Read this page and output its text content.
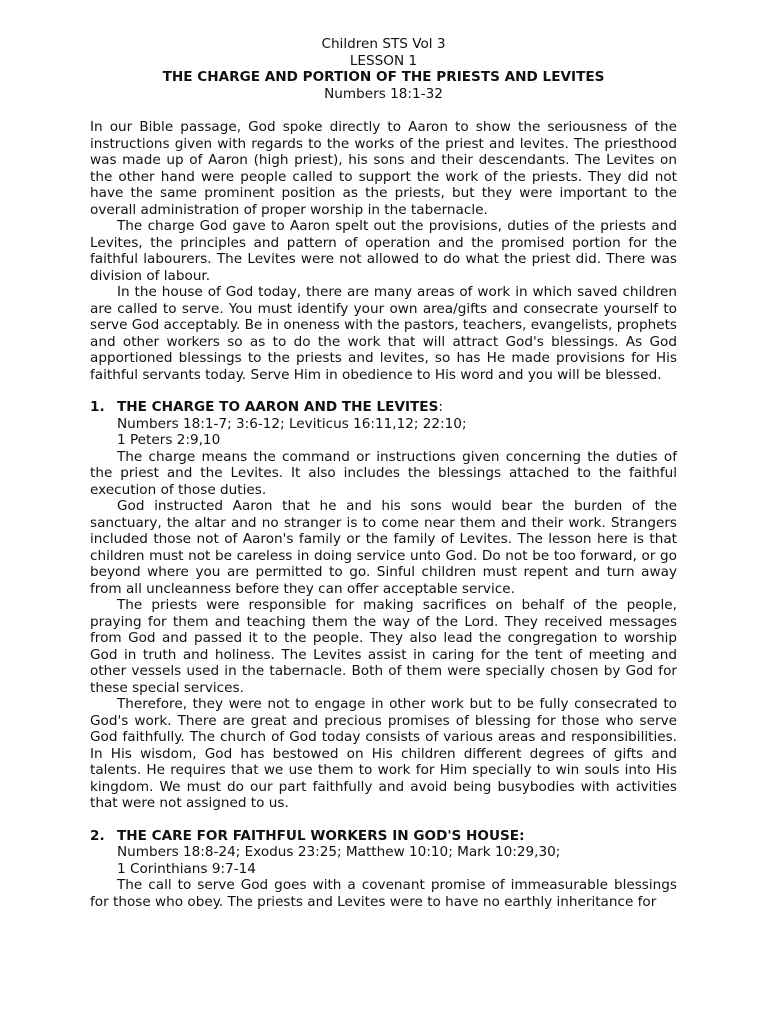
Children STS Vol 3
LESSON 1
THE CHARGE AND PORTION OF THE PRIESTS AND LEVITES
Numbers 18:1-32

In our Bible passage, God spoke directly to Aaron to show the seriousness of the instructions given with regards to the works of the priest and levites. The priesthood was made up of Aaron (high priest), his sons and their descendants. The Levites on the other hand were people called to support the work of the priests. They did not have the same prominent position as the priests, but they were important to the overall administration of proper worship in the tabernacle.

The charge God gave to Aaron spelt out the provisions, duties of the priests and Levites, the principles and pattern of operation and the promised portion for the faithful labourers. The Levites were not allowed to do what the priest did. There was division of labour.

In the house of God today, there are many areas of work in which saved children are called to serve. You must identify your own area/gifts and consecrate yourself to serve God acceptably. Be in oneness with the pastors, teachers, evangelists, prophets and other workers so as to do the work that will attract God's blessings. As God apportioned blessings to the priests and levites, so has He made provisions for His faithful servants today. Serve Him in obedience to His word and you will be blessed.

1. THE CHARGE TO AARON AND THE LEVITES:
Numbers 18:1-7; 3:6-12; Leviticus 16:11,12; 22:10;
1 Peters 2:9,10

The charge means the command or instructions given concerning the duties of the priest and the Levites. It also includes the blessings attached to the faithful execution of those duties.

God instructed Aaron that he and his sons would bear the burden of the sanctuary, the altar and no stranger is to come near them and their work. Strangers included those not of Aaron's family or the family of Levites. The lesson here is that children must not be careless in doing service unto God. Do not be too forward, or go beyond where you are permitted to go. Sinful children must repent and turn away from all uncleanness before they can offer acceptable service.

The priests were responsible for making sacrifices on behalf of the people, praying for them and teaching them the way of the Lord. They received messages from God and passed it to the people. They also lead the congregation to worship God in truth and holiness. The Levites assist in caring for the tent of meeting and other vessels used in the tabernacle. Both of them were specially chosen by God for these special services.

Therefore, they were not to engage in other work but to be fully consecrated to God's work. There are great and precious promises of blessing for those who serve God faithfully. The church of God today consists of various areas and responsibilities. In His wisdom, God has bestowed on His children different degrees of gifts and talents. He requires that we use them to work for Him specially to win souls into His kingdom. We must do our part faithfully and avoid being busybodies with activities that were not assigned to us.

2. THE CARE FOR FAITHFUL WORKERS IN GOD'S HOUSE:
Numbers 18:8-24; Exodus 23:25; Matthew 10:10; Mark 10:29,30;
1 Corinthians 9:7-14

The call to serve God goes with a covenant promise of immeasurable blessings for those who obey. The priests and Levites were to have no earthly inheritance for
